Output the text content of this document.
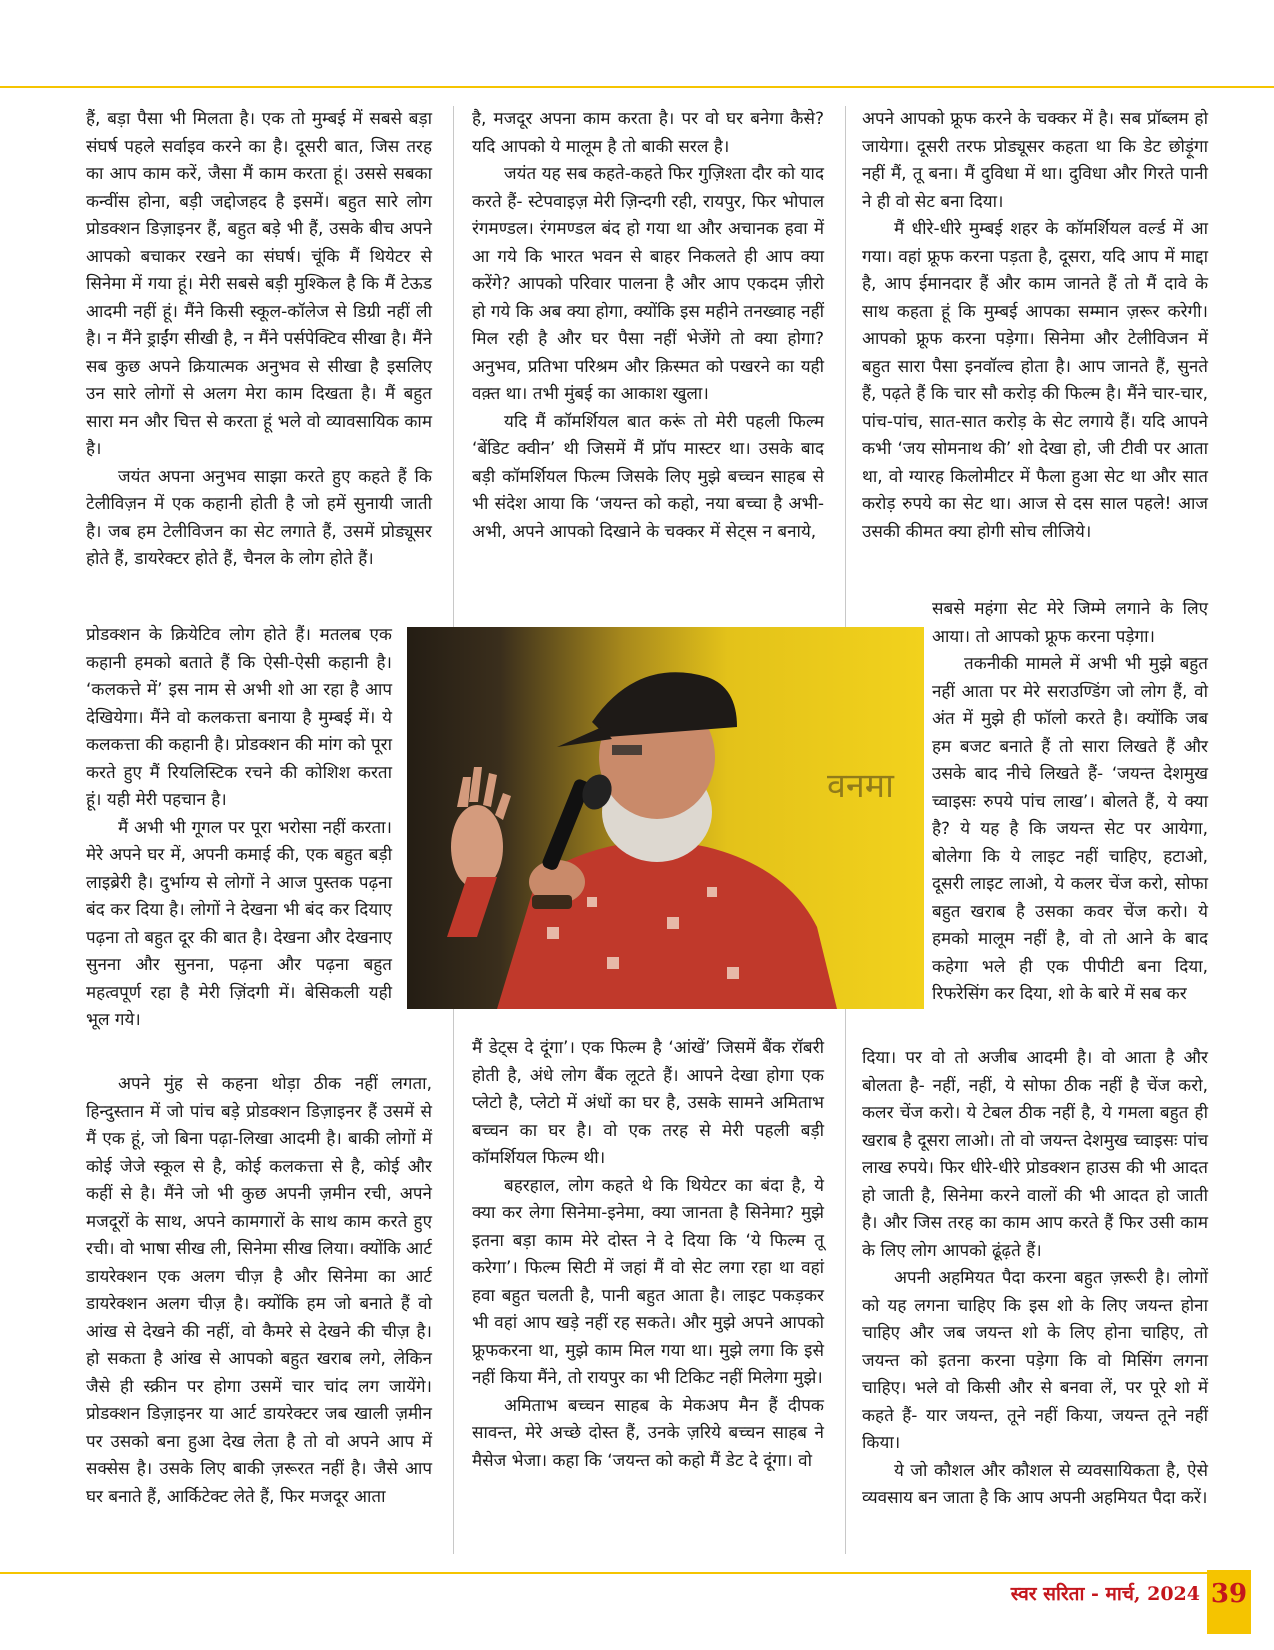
हैं, बड़ा पैसा भी मिलता है। एक तो मुम्बई में सबसे बड़ा संघर्ष पहले सर्वाइव करने का है। दूसरी बात, जिस तरह का आप काम करें, जैसा मैं काम करता हूं। उससे सबका कन्वींस होना, बड़ी जद्दोजहद है इसमें। बहुत सारे लोग प्रोडक्शन डिज़ाइनर हैं, बहुत बड़े भी हैं, उसके बीच अपने आपको बचाकर रखने का संघर्ष। चूंकि मैं थियेटर से सिनेमा में गया हूं। मेरी सबसे बड़ी मुश्किल है कि मैं टेऊड आदमी नहीं हूं। मैंने किसी स्कूल-कॉलेज से डिग्री नहीं ली है। न मैंने ड्राईंग सीखी है, न मैंने पर्सपेक्टिव सीखा है। मैंने सब कुछ अपने क्रियात्मक अनुभव से सीखा है इसलिए उन सारे लोगों से अलग मेरा काम दिखता है। मैं बहुत सारा मन और चित्त से करता हूं भले वो व्यावसायिक काम है।

जयंत अपना अनुभव साझा करते हुए कहते हैं कि टेलीविज़न में एक कहानी होती है जो हमें सुनायी जाती है। जब हम टेलीविजन का सेट लगाते हैं, उसमें प्रोड्यूसर होते हैं, डायरेक्टर होते हैं, चैनल के लोग होते हैं।

प्रोडक्शन के क्रियेटिव लोग होते हैं। मतलब एक कहानी हमको बताते हैं कि ऐसी-ऐसी कहानी है। ‘कलकत्ते में’ इस नाम से अभी शो आ रहा है आप देखियेगा। मैंने वो कलकत्ता बनाया है मुम्बई में। ये कलकत्ता की कहानी है। प्रोडक्शन की मांग को पूरा करते हुए मैं रियलिस्टिक रचने की कोशिश करता हूं। यही मेरी पहचान है।

मैं अभी भी गूगल पर पूरा भरोसा नहीं करता। मेरे अपने घर में, अपनी कमाई की, एक बहुत बड़ी लाइब्रेरी है। दुर्भाग्य से लोगों ने आज पुस्तक पढ़ना बंद कर दिया है। लोगों ने देखना भी बंद कर दियाए पढ़ना तो बहुत दूर की बात है। देखना और देखनाए सुनना और सुनना, पढ़ना और पढ़ना बहुत महत्वपूर्ण रहा है मेरी ज़िंदगी में। बेसिकली यही भूल गये।

अपने मुंह से कहना थोड़ा ठीक नहीं लगता, हिन्दुस्तान में जो पांच बड़े प्रोडक्शन डिज़ाइनर हैं उसमें से मैं एक हूं, जो बिना पढ़ा-लिखा आदमी है। बाकी लोगों में कोई जेजे स्कूल से है, कोई कलकत्ता से है, कोई और कहीं से है। मैंने जो भी कुछ अपनी ज़मीन रची, अपने मजदूरों के साथ, अपने कामगारों के साथ काम करते हुए रची। वो भाषा सीख ली, सिनेमा सीख लिया। क्योंकि आर्ट डायरेक्शन एक अलग चीज़ है और सिनेमा का आर्ट डायरेक्शन अलग चीज़ है। क्योंकि हम जो बनाते हैं वो आंख से देखने की नहीं, वो कैमरे से देखने की चीज़ है। हो सकता है आंख से आपको बहुत खराब लगे, लेकिन जैसे ही स्क्रीन पर होगा उसमें चार चांद लग जायेंगे। प्रोडक्शन डिज़ाइनर या आर्ट डायरेक्टर जब खाली ज़मीन पर उसको बना हुआ देख लेता है तो वो अपने आप में सक्सेस है। उसके लिए बाकी ज़रूरत नहीं है। जैसे आप घर बनाते हैं, आर्किटेक्ट लेते हैं, फिर मजदूर आता

है, मजदूर अपना काम करता है। पर वो घर बनेगा कैसे? यदि आपको ये मालूम है तो बाकी सरल है।

जयंत यह सब कहते-कहते फिर गुज़िश्ता दौर को याद करते हैं- स्टेपवाइज़ मेरी ज़िन्दगी रही, रायपुर, फिर भोपाल रंगमण्डल। रंगमण्डल बंद हो गया था और अचानक हवा में आ गये कि भारत भवन से बाहर निकलते ही आप क्या करेंगे? आपको परिवार पालना है और आप एकदम ज़ीरो हो गये कि अब क्या होगा, क्योंकि इस महीने तनख्वाह नहीं मिल रही है और घर पैसा नहीं भेजेंगे तो क्या होगा? अनुभव, प्रतिभा परिश्रम और क़िस्मत को पखरने का यही वक़्त था। तभी मुंबई का आकाश खुला।

यदि मैं कॉमर्शियल बात करूं तो मेरी पहली फिल्म ‘बेंडिट क्वीन’ थी जिसमें मैं प्रॉप मास्टर था। उसके बाद बड़ी कॉमर्शियल फिल्म जिसके लिए मुझे बच्चन साहब से भी संदेश आया कि ‘जयन्त को कहो, नया बच्चा है अभी-अभी, अपने आपको दिखाने के चक्कर में सेट्स न बनाये,

मैं डेट्स दे दूंगा’। एक फिल्म है ‘आंखें’ जिसमें बैंक रॉबरी होती है, अंधे लोग बैंक लूटते हैं। आपने देखा होगा एक प्लेटो है, प्लेटो में अंधों का घर है, उसके सामने अमिताभ बच्चन का घर है। वो एक तरह से मेरी पहली बड़ी कॉमर्शियल फिल्म थी।

बहरहाल, लोग कहते थे कि थियेटर का बंदा है, ये क्या कर लेगा सिनेमा-इनेमा, क्या जानता है सिनेमा? मुझे इतना बड़ा काम मेरे दोस्त ने दे दिया कि ‘ये फिल्म तू करेगा’। फिल्म सिटी में जहां मैं वो सेट लगा रहा था वहां हवा बहुत चलती है, पानी बहुत आता है। लाइट पकड़कर भी वहां आप खड़े नहीं रह सकते। और मुझे अपने आपको फ्रूफकरना था, मुझे काम मिल गया था। मुझे लगा कि इसे नहीं किया मैंने, तो रायपुर का भी टिकिट नहीं मिलेगा मुझे।

अमिताभ बच्चन साहब के मेकअप मैन हैं दीपक सावन्त, मेरे अच्छे दोस्त हैं, उनके ज़रिये बच्चन साहब ने मैसेज भेजा। कहा कि ‘जयन्त को कहो मैं डेट दे दूंगा। वो

अपने आपको फ्रूफ करने के चक्कर में है। सब प्रॉब्लम हो जायेगा। दूसरी तरफ प्रोड्यूसर कहता था कि डेट छोड़ूंगा नहीं मैं, तू बना। मैं दुविधा में था। दुविधा और गिरते पानी ने ही वो सेट बना दिया।

मैं धीरे-धीरे मुम्बई शहर के कॉमर्शियल वर्ल्ड में आ गया। वहां फ्रूफ करना पड़ता है, दूसरा, यदि आप में माद्दा है, आप ईमानदार हैं और काम जानते हैं तो मैं दावे के साथ कहता हूं कि मुम्बई आपका सम्मान ज़रूर करेगी। आपको फ्रूफ करना पड़ेगा। सिनेमा और टेलीविजन में बहुत सारा पैसा इनवॉल्व होता है। आप जानते हैं, सुनते हैं, पढ़ते हैं कि चार सौ करोड़ की फिल्म है। मैंने चार-चार, पांच-पांच, सात-सात करोड़ के सेट लगाये हैं। यदि आपने कभी ‘जय सोमनाथ की’ शो देखा हो, जी टीवी पर आता था, वो ग्यारह किलोमीटर में फैला हुआ सेट था और सात करोड़ रुपये का सेट था। आज से दस साल पहले! आज उसकी कीमत क्या होगी सोच लीजिये।

सबसे महंगा सेट मेरे जिम्मे लगाने के लिए आया। तो आपको फ्रूफ करना पड़ेगा।

तकनीकी मामले में अभी भी मुझे बहुत नहीं आता पर मेरे सराउण्डिंग जो लोग हैं, वो अंत में मुझे ही फॉलो करते है। क्योंकि जब हम बजट बनाते हैं तो सारा लिखते हैं और उसके बाद नीचे लिखते हैं- ‘जयन्त देशमुख च्वाइसः रुपये पांच लाख’। बोलते हैं, ये क्या है? ये यह है कि जयन्त सेट पर आयेगा, बोलेगा कि ये लाइट नहीं चाहिए, हटाओ, दूसरी लाइट लाओ, ये कलर चेंज करो, सोफा बहुत खराब है उसका कवर चेंज करो। ये हमको मालूम नहीं है, वो तो आने के बाद कहेगा भले ही एक पीपीटी बना दिया, रिफरेसिंग कर दिया, शो के बारे में सब कर

दिया। पर वो तो अजीब आदमी है। वो आता है और बोलता है- नहीं, नहीं, ये सोफा ठीक नहीं है चेंज करो, कलर चेंज करो। ये टेबल ठीक नहीं है, ये गमला बहुत ही खराब है दूसरा लाओ। तो वो जयन्त देशमुख च्वाइसः पांच लाख रुपये। फिर धीरे-धीरे प्रोडक्शन हाउस की भी आदत हो जाती है, सिनेमा करने वालों की भी आदत हो जाती है। और जिस तरह का काम आप करते हैं फिर उसी काम के लिए लोग आपको ढूंढ़ते हैं।

अपनी अहमियत पैदा करना बहुत ज़रूरी है। लोगों को यह लगना चाहिए कि इस शो के लिए जयन्त होना चाहिए और जब जयन्त शो के लिए होना चाहिए, तो जयन्त को इतना करना पड़ेगा कि वो मिसिंग लगना चाहिए। भले वो किसी और से बनवा लें, पर पूरे शो में कहते हैं- यार जयन्त, तूने नहीं किया, जयन्त तूने नहीं किया।

ये जो कौशल और कौशल से व्यवसायिकता है, ऐसे व्यवसाय बन जाता है कि आप अपनी अहमियत पैदा करें।

वनमा
स्वर सरिता - मार्च, 2024 39
